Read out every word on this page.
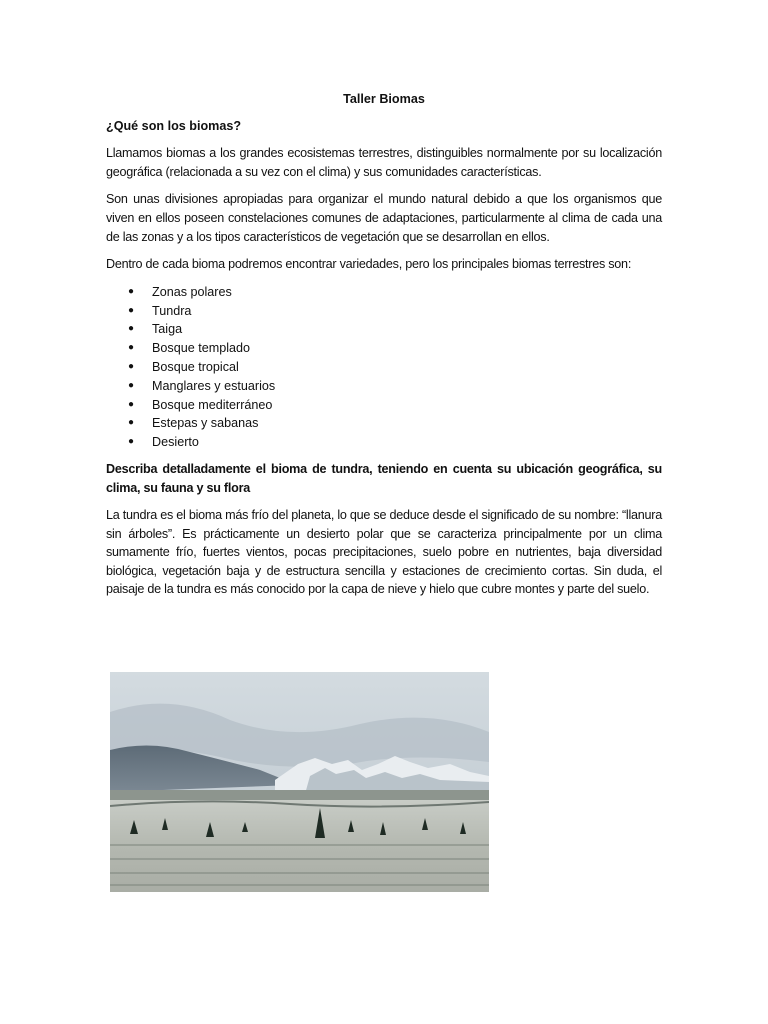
Taller Biomas
¿Qué son los biomas?

Llamamos biomas a los grandes ecosistemas terrestres, distinguibles normalmente por su localización geográfica (relacionada a su vez con el clima) y sus comunidades características.

Son unas divisiones apropiadas para organizar el mundo natural debido a que los organismos que viven en ellos poseen constelaciones comunes de adaptaciones, particularmente al clima de cada una de las zonas y a los tipos característicos de vegetación que se desarrollan en ellos.

Dentro de cada bioma podremos encontrar variedades, pero los principales biomas terrestres son:

● Zonas polares
● Tundra
● Taiga
● Bosque templado
● Bosque tropical
● Manglares y estuarios
● Bosque mediterráneo
● Estepas y sabanas
● Desierto

Describa detalladamente el bioma de tundra, teniendo en cuenta su ubicación geográfica, su clima, su fauna y su flora

La tundra es el bioma más frío del planeta, lo que se deduce desde el significado de su nombre: “llanura sin árboles”. Es prácticamente un desierto polar que se caracteriza principalmente por un clima sumamente frío, fuertes vientos, pocas precipitaciones, suelo pobre en nutrientes, baja diversidad biológica, vegetación baja y de estructura sencilla y estaciones de crecimiento cortas. Sin duda, el paisaje de la tundra es más conocido por la capa de nieve y hielo que cubre montes y parte del suelo.
